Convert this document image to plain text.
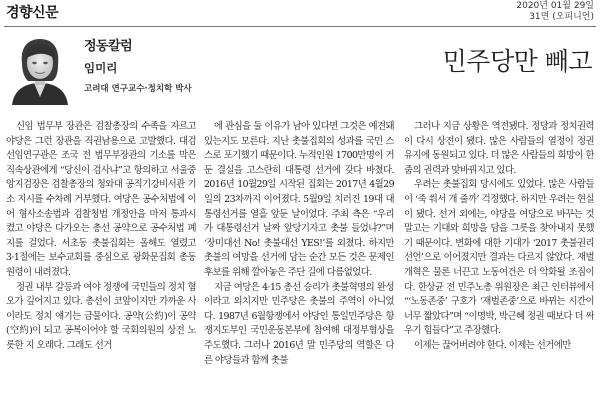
경향신문	2020년 01월 29일
31면 (오피니언)
정동칼럼
임미리
고려대 연구교수·정치학 박사
민주당만 빼고

신임 법무부 장관은 검찰총장의 수족을 자르고 야당은 그런 장관을 직권남용으로 고발했다. 대검 선임연구관은 조국 전 법무부장관의 기소를 막은 직속상관에게 “당신이 검사냐”고 항의하고 서울중앙지검장은 검찰총장의 청와대 공직기강비서관 기소 지시를 수차례 거부했다. 여당은 공수처법에 이어 형사소송법과 검찰청법 개정안을 마저 통과시켰고 야당은 다가오는 총선 공약으로 공수처법 폐지를 걸었다. 서초동 촛불집회는 올해도 열렸고 3·1절에는 보수교회를 중심으로 광화문집회 총동원령이 내려졌다.

정권 내부 갈등과 여야 정쟁에 국민들의 정치 혐오가 깊어지고 있다. 총선이 코앞이지만 가까운 사이라도 정치 얘기는 금물이다. 공약(公約)이 공약(空約)이 되고 공복이어야 할 국회의원의 상전 노릇한 지 오래다. 그래도 선거

에 관심을 둘 이유가 남아 있다면 그것은 예견돼 있는지도 모른다. 지난 촛불집회의 성과를 국민 스스로 포기했기 때문이다. 누적인원 1700만명이 거둔 결실을 고스란히 대통령 선거에 갖다 바쳤다. 2016년 10월29일 시작된 집회는 2017년 4월29일의 23차까지 이어졌다. 5월9일 치러진 19대 대통령선거를 열흘 앞둔 날이었다. 주최 측은 “우리가 대통령선거 날짜 앞당기자고 촛불 들었냐?”며 ‘장미대선 No! 촛불대선 YES!’를 외쳤다. 하지만 촛불의 여망을 선거에 담는 순간 모든 것은 문제인 후보를 위해 깔아놓은 주단 길에 다름없었다.

지금 여당은 4·15 총선 승리가 촛불혁명의 완성이라고 외치지만 민주당은 촛불의 주역이 아니었다. 1987년 6월항쟁에서 야당인 통일민주당은 항쟁지도부인 국민운동본부에 참여해 대정부협상을 주도했다. 그러나 2016년 말 민주당의 역할은 다른 야당들과 함께 촛불

그러나 지금 상황은 역전됐다. 정당과 정치권력이 다시 상전이 됐다. 많은 사람들의 열정이 정권 유지에 동원되고 있다. 더 많은 사람들의 희망이 한줌의 권력과 맞바꿔지고 있다.

우려는 촛불집회 당시에도 있었다. 많은 사람들이 ‘죽 쒀서 개 줄까’ 걱정했다. 하지만 우려는 현실이 됐다. 선거 외에는, 야당을 여당으로 바꾸는 것 말고는 기대와 희망을 담을 그릇을 찾아내지 못했기 때문이다. 변화에 대한 기대가 ‘2017 촛불권리선언’으로 이어졌지만 결과는 다르지 않았다. 재벌개혁은 물론 너끈고 노동여건은 더 악화될 조짐이다. 한상균 전 민주노총 위원장은 최근 인터뷰에서 “‘노동존중’ 구호가 ‘재벌존중’으로 바뀌는 시간이 너무 짧았다”며 “이명박, 박근혜 정권 때보다 더 싸우기 힘들다”고 주장했다.

이제는 끊어버려야 한다. 이제는 선거에만
